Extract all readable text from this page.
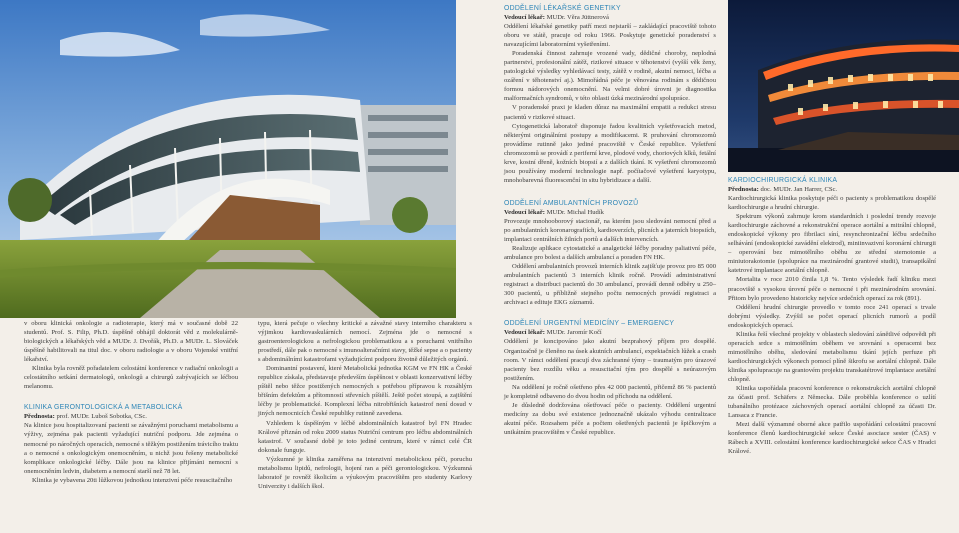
v oboru klinická onkologie a radioterapie, který má v současné době 22 studentů. Prof. S. Filip, Ph.D. úspěšně obhájil doktorát věd z molekulárně- biologických a lékařských věd a MUDr. J. Dvořák, Ph.D. a MUDr. L. Slováček úspěšně habilitovali na titul doc. v oboru radiologie a v oboru Vojenské vnitřní lékařství.

Klinika byla rovněž pořadatelem celostátní konference v radiační onkologii a celostátního setkání dermatologů, onkologů a chirurgů zabývajících se léčbou melanomu.

KLINIKA GERONTOLOGICKÁ A METABOLICKÁ
Přednosta: prof. MUDr. Luboš Sobotka, CSc.

Na klinice jsou hospitalizovaní pacienti se závažnými poruchami metabolismu a výživy, zejména pak pacienti vyžadující nutriční podporu. Jde zejména o nemocné po náročných operacích, nemocné s těžkým postižením trávicího traktu a o nemocné s onkologickým onemocněním, u nichž jsou řešeny metabolické komplikace onkologické léčby. Dále jsou na klinice přijímáni nemocní s onemocněním ledvin, diabetem a nemocní starší než 78 let.

Klinika je vybavena 20ti lůžkovou jednotkou intenzivní péče resuscitačního

typu, která pečuje o všechny kritické a závažné stavy interního charakteru s výjimkou kardiovaskulárních nemocí. Zejména jde o nemocné s gastroenterologickou a nefrologickou problematikou a s poruchami vnitřního prostředí, dále pak o nemocné s imunoalteračními stavy, těžké sepse a o pacienty s abdominálními katastrofami vyžadujícími podporu životně důležitých orgánů.

Dominantní postavení, které Metabolická jednotka KGM ve FN HK a České republice získala, představuje především úspěšnost v oblasti konzervativní léčby píštěl nebo těžce postižených nemocných s potřebou přípravou k rozsáhlým břišním defektům a přítomností střevních píštělí. Ještě počet stoupá, a zajištění léčby je problematické. Komplexní léčba nitrobřišních katastrof není dosud v jiných nemocnicích České republiky rutinně zavedena.

Vzhledem k úspěšným v léčbě abdominálních katastrof byl FN Hradec Králové přiznán od roku 2009 status Nutriční centrum pro léčbu abdominálních katastrof. V současné době je toto jediné centrum, které v rámci celé ČR dokonale funguje.

Výzkumné je klinika zaměřena na intenzivní metabolickou péči, poruchu metabolismu lipidů, nefrologii, hojení ran a péči gerontologickou. Výzkumná laboratoř je rovněž školicím a výukovým pracovištěm pro studenty Karlovy Univerzity i dalších škol.

ODDĚLENÍ LÉKAŘSKÉ GENETIKY
Vedoucí lékař: MUDr. Věra Jüttnerová

Oddělení lékařské genetiky patří mezi nejstarší – zakládající pracoviště tohoto oboru ve státě, pracuje od roku 1966. Poskytuje genetické poradenství s navazujícími laboratorními vyšetřeními.

Poradenská činnost zahrnuje vrozené vady, dědičné choroby, neplodná partnerství, profesionální zátěž, rizikové situace v těhotenství (vyšší věk ženy, patologické výsledky vyhledávací testy, zátěž v rodině, akutní nemoci, léčba a ozáření v těhotenství aj.). Mimořádná péče je věnována rodinám s dědičnou formou nádorových onemocnění. Na velmi dobré úrovni je diagnostika malformačních syndromů, v této oblasti úzká mezinárodní spolupráce.

V poradenské praxi je kladen důraz na maximální empatii a redukci stresu pacientů v rizikové situaci.

Cytogenetická laboratoř disponuje řadou kvalitních vyšetřovacích metod, některými originálními postupy a modifikacemi. R pruhování chromozomů provádíme rutinně jako jediné pracoviště v České republice. Vyšetření chromozomů se provádí z periferní krve, plodové vody, choriových klků, fetální krve, kostní dřeně, kožních biopsií a z dalších tkání. K vyšetření chromozomů jsou používány moderní technologie např. počítačové vyšetření karyotypu, mnohobarevná fluorescenční in situ hybridizace a další.

ODDĚLENÍ AMBULANTNÍCH PROVOZŮ
Vedoucí lékař: MUDr. Michal Hudík

Provozuje mnohooborový stacionář, na kterém jsou sledováni nemocní před a po ambulantních koronarografiích, kardioverzích, plicních a jaterních biopsiích, implantaci centrálních žilních portů a dalších intervencích.

Realizuje aplikace cytostatické a analgetické léčby poradny paliativní péče, ambulance pro bolest a dalších ambulancí a poraden FN HK.

Oddělení ambulantních provozů interních klinik zajišťuje provoz pro 85 000 ambulantních pacientů 3 interních klinik ročně. Provádí administrativní registraci a distribuci pacientů do 30 ambulancí, provádí denně odběry u 250–300 pacientů, u příbližně stejného počtu nemocných provádí registraci a archivaci a edituje EKG záznamů.

ODDĚLENÍ URGENTNÍ MEDICÍNY – EMERGENCY
Vedoucí lékař: MUDr. Jaromír Kočí

Oddělení je koncipováno jako akutní bezprahový příjem pro dospělé. Organizačně je členěno na úsek akutních ambulancí, expektačních lůžek a crash room. V rámci oddělení pracují dva záchranné týmy – traumatým pro úrazové pacienty bez rozdílu věku a resuscitační tým pro dospělé s neúrazovým postižením.

Na oddělení je ročně ošetřeno přes 42 000 pacientů, přičemž 86 % pacientů je kompletně odbaveno do dvou hodin od příchodu na oddělení.

Je důsledně dodržována ošetřovací péče o pacienty. Oddělení urgentní medicíny za dobu své existence jednoznačně ukázalo výhodu centralizace akutní péče. Rozsahem péče a počtem ošetřených pacientů je špičkovým a unikátním pracovištěm v České republice.

KARDIOCHIRURGICKÁ KLINIKA
Přednosta: doc. MUDr. Jan Harrer, CSc.

Kardiochirurgická klinika poskytuje péči o pacienty s problematikou dospělé kardiochirurgie a hrudní chirurgie.

Spektrum výkonů zahrnuje krom standardních i poslední trendy rozvoje kardiochirurgie záchovné a rekonstrukční operace aortální a mitrální chlopně, endoskopické výkony pro fibrilaci síní, resynchronizační léčbu srdečního selhávání (endoskopické zavádění elektrod), miniinvazivní koronární chirurgii – operování bez mimotělního oběhu ze střední sternotomie a miniutorakotomie (spolupráce na mezinárodní grantové studii), transapikální katetrové implantace aortální chlopně.

Mortalita v roce 2010 činila 1,8 %. Tento výsledek řadí kliniku mezi pracoviště s vysokou úrovní péče o nemocné i při mezinárodním srovnání. Přitom bylo provedeno historicky nejvíce srdečních operací za rok (891).

Oddělení hrudní chirurgie provedlo v tomto roce 241 operací s trvale dobrými výsledky. Zvýšil se počet operací plicních rumorů a podíl endoskopických operací.

Klinika řeší všechné projekty v oblastech sledování zánětlivé odpovědi při operacích srdce s mimotělním oběhem ve srovnání s operacemi bez mimotělního oběhu, sledování metabolismu tkání jejích perfuze při kardiochirurgických výkonech pomocí plíně šikrofu se aortální chlopně. Dále klinika spolupracuje na grantovém projektu transkatétrové implantace aortální chlopně.

Klinika uspořádala pracovní konference o rekonstrukcích aortální chlopně za účasti prof. Schäfers z Německa. Dále proběhla konference o uzlítí tubanálního protézace záchovných operací aortální chlopně za účasti Dr. Lansaca z Francie.

Mezi další významné oborné akce patřilo uspořádání celostátní pracovní konference členů kardiochirurgické sekce České asociace sester (ČAS) v Rábech a XVIII. celostátní konference kardiochirurgické sekce ČAS v Hradci Králové.
